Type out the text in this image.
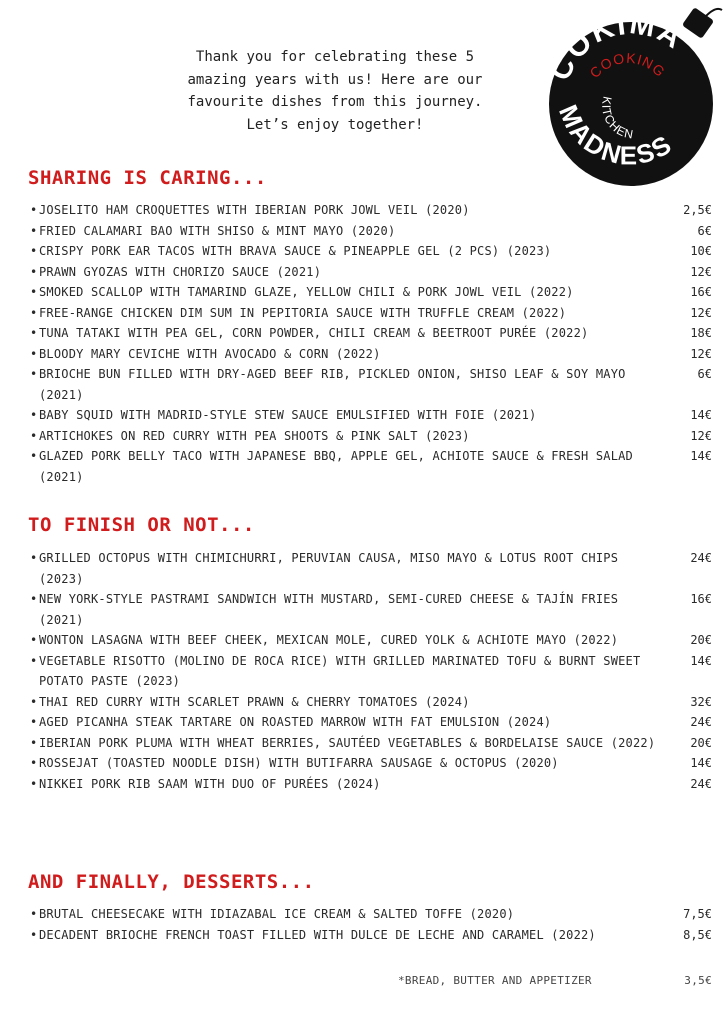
Thank you for celebrating these 5
amazing years with us! Here are our
favourite dishes from this journey.
Let’s enjoy together!
COKIMA
COOKING
KITCHEN
MADNESS
SHARING IS CARING...
• JOSELITO HAM CROQUETTES WITH IBERIAN PORK JOWL VEIL (2020)	2,5€
• FRIED CALAMARI BAO WITH SHISO & MINT MAYO (2020)	6€
• CRISPY PORK EAR TACOS WITH BRAVA SAUCE & PINEAPPLE GEL (2 PCS) (2023)	10€
• PRAWN GYOZAS WITH CHORIZO SAUCE (2021)	12€
• SMOKED SCALLOP WITH TAMARIND GLAZE, YELLOW CHILI & PORK JOWL VEIL (2022)	16€
• FREE-RANGE CHICKEN DIM SUM IN PEPITORIA SAUCE WITH TRUFFLE CREAM (2022)	12€
• TUNA TATAKI WITH PEA GEL, CORN POWDER, CHILI CREAM & BEETROOT PURÉE (2022)	18€
• BLOODY MARY CEVICHE WITH AVOCADO & CORN (2022)	12€
• BRIOCHE BUN FILLED WITH DRY-AGED BEEF RIB, PICKLED ONION, SHISO LEAF & SOY MAYO (2021)
6€
• BABY SQUID WITH MADRID-STYLE STEW SAUCE EMULSIFIED WITH FOIE (2021)	14€
• ARTICHOKES ON RED CURRY WITH PEA SHOOTS & PINK SALT (2023)	12€
• GLAZED PORK BELLY TACO WITH JAPANESE BBQ, APPLE GEL, ACHIOTE SAUCE & FRESH SALAD (2021)
14€
TO FINISH OR NOT...
• GRILLED OCTOPUS WITH CHIMICHURRI, PERUVIAN CAUSA, MISO MAYO & LOTUS ROOT CHIPS (2023)
24€
• NEW YORK-STYLE PASTRAMI SANDWICH WITH MUSTARD, SEMI-CURED CHEESE & TAJÍN FRIES (2021)
16€
• WONTON LASAGNA WITH BEEF CHEEK, MEXICAN MOLE, CURED YOLK & ACHIOTE MAYO (2022)	20€
• VEGETABLE RISOTTO (MOLINO DE ROCA RICE) WITH GRILLED MARINATED TOFU & BURNT SWEET POTATO PASTE (2023)
14€
• THAI RED CURRY WITH SCARLET PRAWN & CHERRY TOMATOES (2024)	32€
• AGED PICANHA STEAK TARTARE ON ROASTED MARROW WITH FAT EMULSION (2024)	24€
• IBERIAN PORK PLUMA WITH WHEAT BERRIES, SAUTÉED VEGETABLES & BORDELAISE SAUCE (2022)	20€
• ROSSEJAT (TOASTED NOODLE DISH) WITH BUTIFARRA SAUSAGE & OCTOPUS (2020)	14€
• NIKKEI PORK RIB SAAM WITH DUO OF PURÉES (2024)	24€
AND FINALLY, DESSERTS...
• BRUTAL CHEESECAKE WITH IDIAZABAL ICE CREAM & SALTED TOFFE (2020)	7,5€
• DECADENT BRIOCHE FRENCH TOAST FILLED WITH DULCE DE LECHE AND CARAMEL (2022)	8,5€
*BREAD, BUTTER AND APPETIZER	3,5€
